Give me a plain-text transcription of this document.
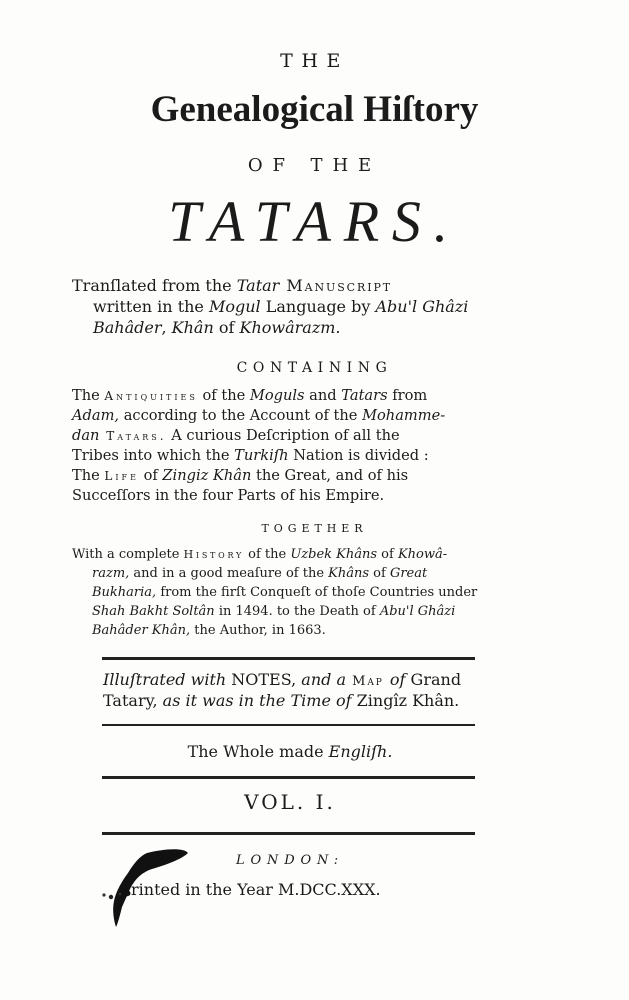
THE
Genealogical Hiſtory
OF THE
TATARS.
Tranſlated from the Tatar Manuscript
written in the Mogul Language by Abu'l Ghâzi
Bahâder, Khân of Khowârazm.
CONTAINING
The Antiquities of the Moguls and Tatars from
Adam, according to the Account of the Mohamme-
dan Tatars. A curious Deſcription of all the
Tribes into which the Turkiſh Nation is divided :
The Life of Zingiz Khân the Great, and of his
Succeſſors in the four Parts of his Empire.
TOGETHER
With a complete History of the Uzbek Khâns of Khowâ-
razm, and in a good meaſure of the Khâns of Great
Bukharia, from the firſt Conqueſt of thoſe Countries under
Shah Bakht Soltân in 1494. to the Death of Abu'l Ghâzi
Bahâder Khân, the Author, in 1663.
Illuſtrated with NOTES, and a Map of Grand
Tatary, as it was in the Time of Zingîz Khân.
The Whole made Engliſh.
VOL. I.
LONDON:
rinted in the Year M.DCC.XXX.
